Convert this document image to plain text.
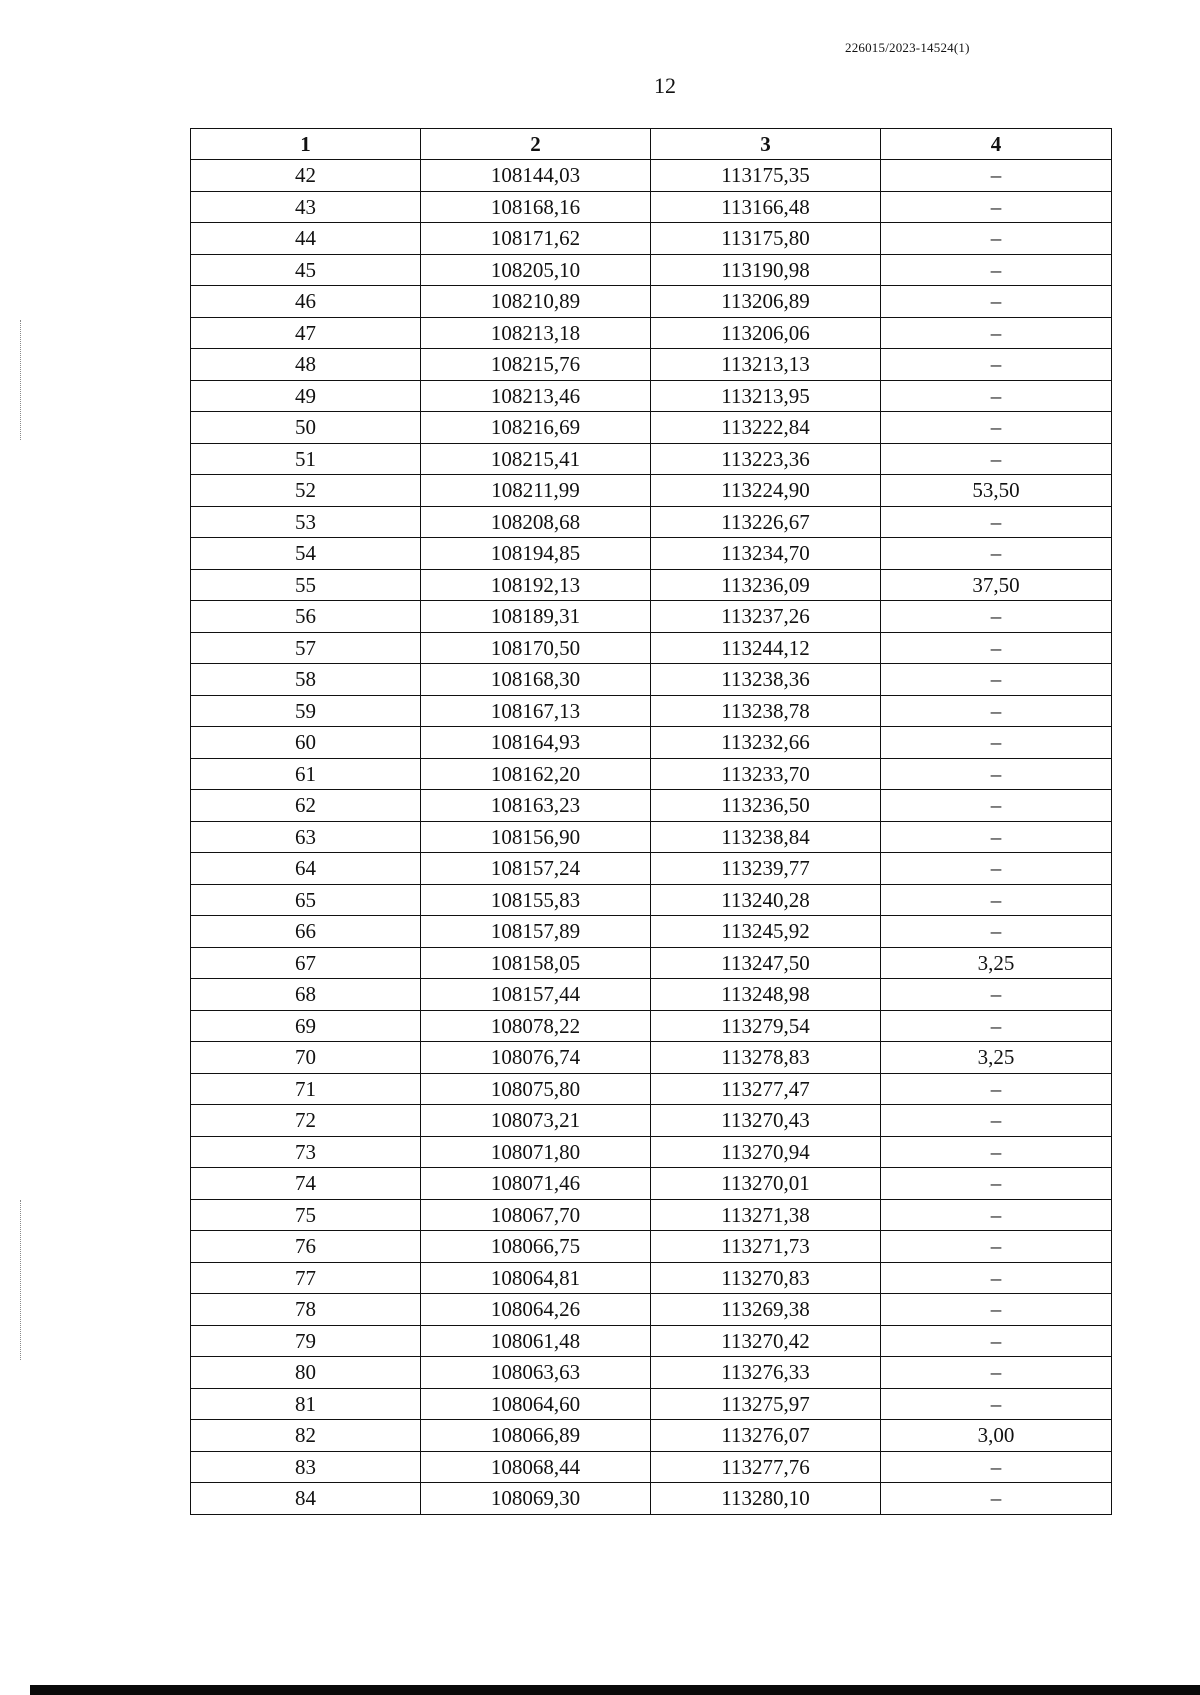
226015/2023-14524(1)
12
1	2	3	4
42	108144,03	113175,35	–
43	108168,16	113166,48	–
44	108171,62	113175,80	–
45	108205,10	113190,98	–
46	108210,89	113206,89	–
47	108213,18	113206,06	–
48	108215,76	113213,13	–
49	108213,46	113213,95	–
50	108216,69	113222,84	–
51	108215,41	113223,36	–
52	108211,99	113224,90	53,50
53	108208,68	113226,67	–
54	108194,85	113234,70	–
55	108192,13	113236,09	37,50
56	108189,31	113237,26	–
57	108170,50	113244,12	–
58	108168,30	113238,36	–
59	108167,13	113238,78	–
60	108164,93	113232,66	–
61	108162,20	113233,70	–
62	108163,23	113236,50	–
63	108156,90	113238,84	–
64	108157,24	113239,77	–
65	108155,83	113240,28	–
66	108157,89	113245,92	–
67	108158,05	113247,50	3,25
68	108157,44	113248,98	–
69	108078,22	113279,54	–
70	108076,74	113278,83	3,25
71	108075,80	113277,47	–
72	108073,21	113270,43	–
73	108071,80	113270,94	–
74	108071,46	113270,01	–
75	108067,70	113271,38	–
76	108066,75	113271,73	–
77	108064,81	113270,83	–
78	108064,26	113269,38	–
79	108061,48	113270,42	–
80	108063,63	113276,33	–
81	108064,60	113275,97	–
82	108066,89	113276,07	3,00
83	108068,44	113277,76	–
84	108069,30	113280,10	–
